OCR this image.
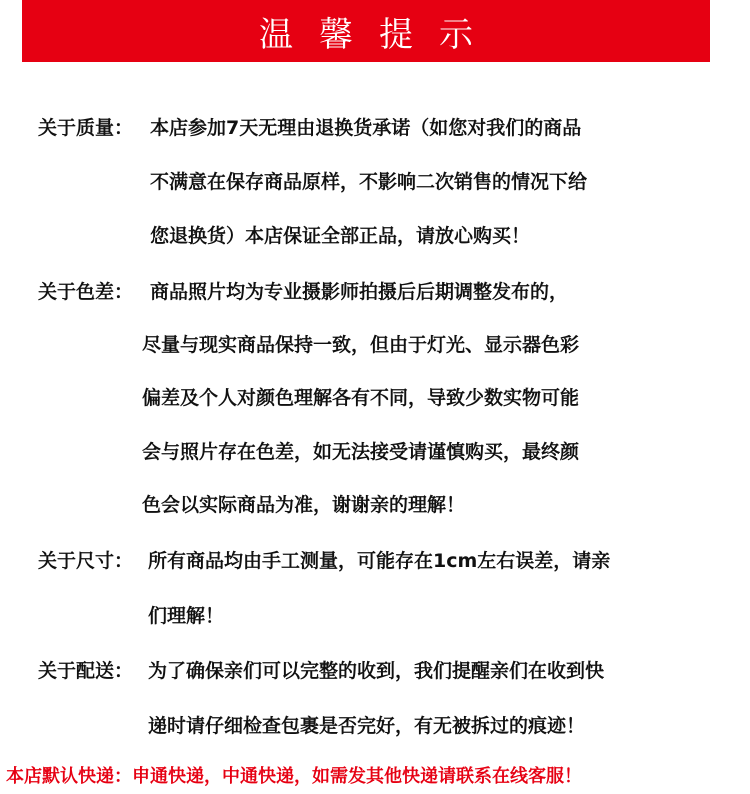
温馨提示
关于质量： 本店参加7天无理由退换货承诺（如您对我们的商品
不满意在保存商品原样，不影响二次销售的情况下给
您退换货）本店保证全部正品，请放心购买！
关于色差： 商品照片均为专业摄影师拍摄后后期调整发布的，
尽量与现实商品保持一致，但由于灯光、显示器色彩
偏差及个人对颜色理解各有不同，导致少数实物可能
会与照片存在色差，如无法接受请谨慎购买，最终颜
色会以实际商品为准，谢谢亲的理解！
关于尺寸： 所有商品均由手工测量，可能存在1cm左右误差，请亲
们理解！
关于配送： 为了确保亲们可以完整的收到，我们提醒亲们在收到快
递时请仔细检查包裹是否完好，有无被拆过的痕迹！
本店默认快递：申通快递，中通快递，如需发其他快递请联系在线客服！
